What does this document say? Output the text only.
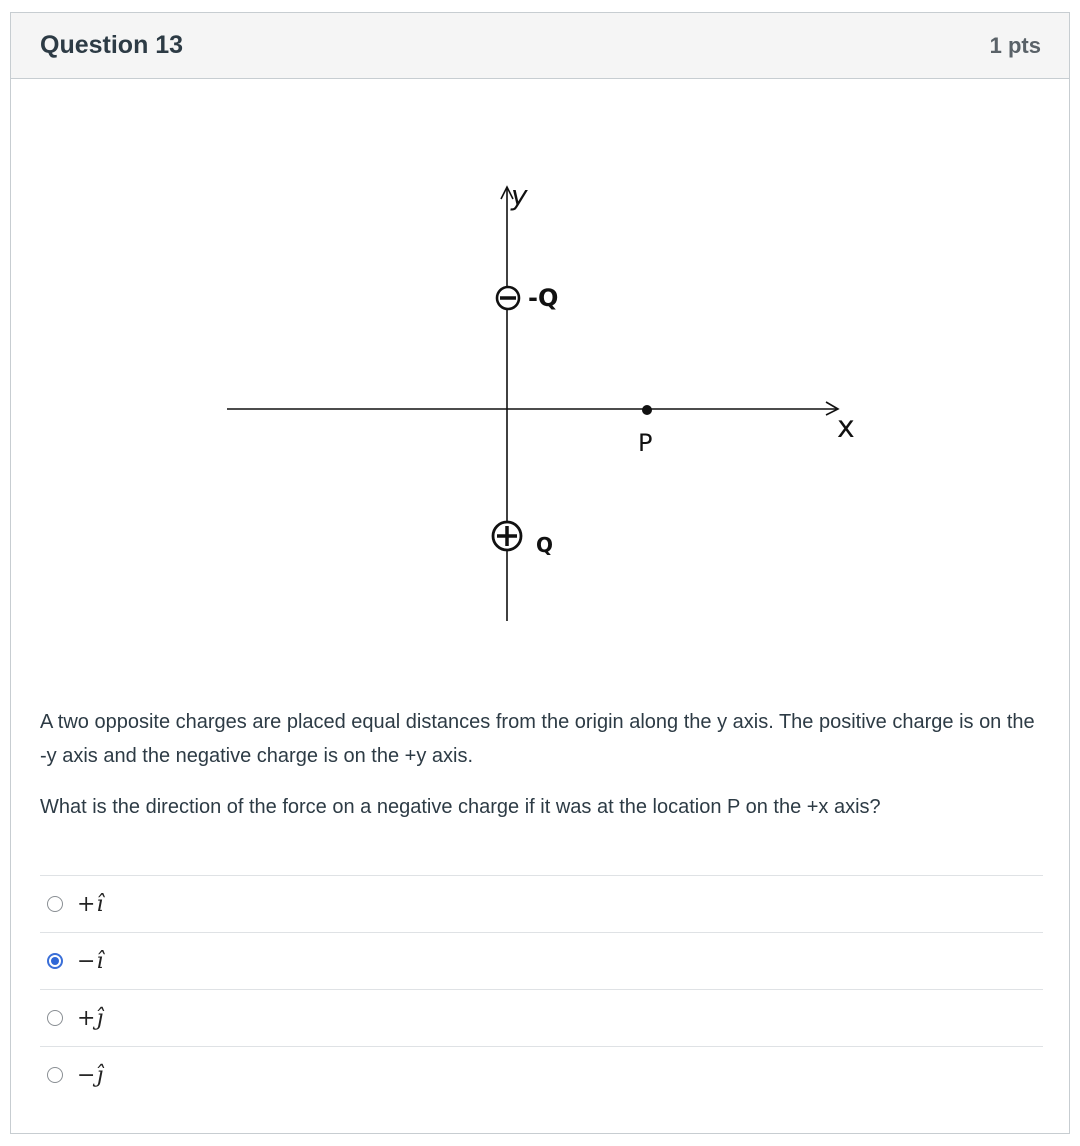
Question 13	1 pts
x
y
-Q
Q
P

A two opposite charges are placed equal distances from the origin along the y axis. The positive charge is on the -y axis and the negative charge is on the +y axis.

What is the direction of the force on a negative charge if it was at the location P on the +x axis?

+î
−î
+ĵ
−ĵ
